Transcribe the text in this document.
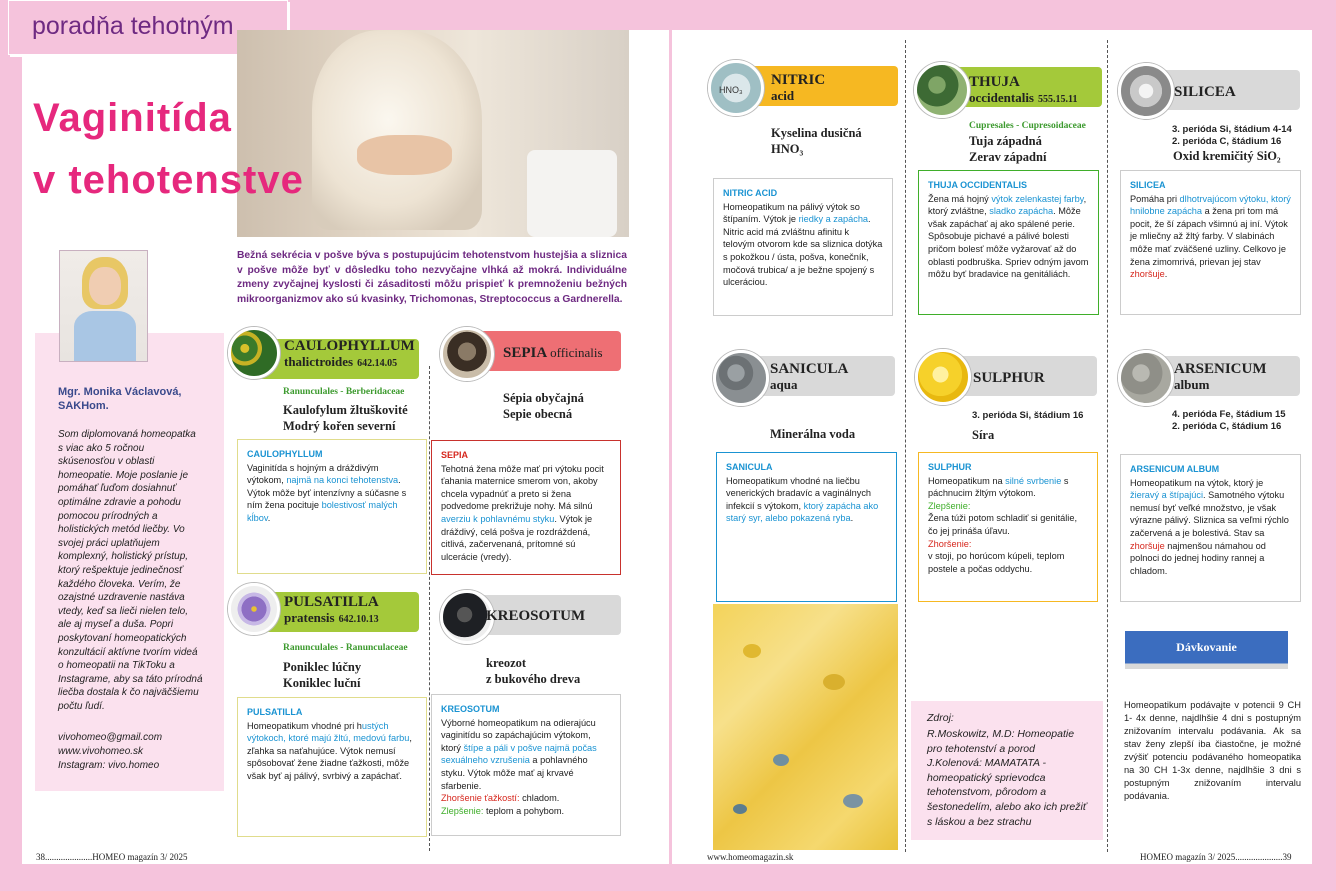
poradňa tehotným
Vaginitída
v tehotenstve
Mgr. Monika Václavová, SAKHom.
Som diplomovaná homeopatka s viac ako 5 ročnou skúsenosťou v oblasti homeopatie. Moje poslanie je pomáhať ľuďom dosiahnuť optimálne zdravie a pohodu pomocou prírodných a holistických metód liečby. Vo svojej práci uplatňujem komplexný, holistický prístup, ktorý rešpektuje jedinečnosť každého človeka. Verím, že ozajstné uzdravenie nastáva vtedy, keď sa lieči nielen telo, ale aj myseľ a duša. Popri poskytovaní homeopatických konzultácií aktívne tvorím videá o homeopatii na TikToku a Instagrame, aby sa táto prírodná liečba dostala k čo najväčšiemu počtu ľudí.
vivohomeo@gmail.com
www.vivohomeo.sk
Instagram: vivo.homeo
Bežná sekrécia v pošve býva s postupujúcim tehotenstvom hustejšia a sliznica v pošve môže byť v dôsledku toho nezvyčajne vlhká až mokrá. Individuálne zmeny zvyčajnej kyslosti či zásaditosti môžu prispieť k premnoženiu bežných mikroorganizmov ako sú kvasinky, Trichomonas, Streptococcus a Gardnerella.
CAULOPHYLLUM
thalictroides 642.14.05
Ranunculales - Berberidaceae
Kaulofylum žltuškovité
Modrý kořen severní
CAULOPHYLLUM
Vaginitída s hojným a dráždivým výtokom, najmä na konci tehotenstva. Výtok môže byť intenzívny a súčasne s ním žena pocituje bolestivosť malých kĺbov.
SEPIA officinalis
Sépia obyčajná
Sepie obecná
SEPIA
Tehotná žena môže mať pri výtoku pocit ťahania maternice smerom von, akoby chcela vypadnúť a preto si žena podvedome prekrižuje nohy. Má silnú averziu k pohlavnému styku. Výtok je dráždivý, celá pošva je rozdráždená, citlivá, začervenaná, prítomné sú ulcerácie (vredy).
PULSATILLA
pratensis 642.10.13
Ranunculales - Ranunculaceae
Poniklec lúčny
Koniklec luční
PULSATILLA
Homeopatikum vhodné pri hustých výtokoch, ktoré majú žltú, medovú farbu, zľahka sa naťahujúce. Výtok nemusí spôsobovať žene žiadne ťažkosti, môže však byť aj pálivý, svrbivý a zapáchať.
KREOSOTUM
kreozot
z bukového dreva
KREOSOTUM
Výborné homeopatikum na odierajúcu vaginitídu so zapáchajúcim výtokom, ktorý štípe a páli v pošve najmä počas sexuálneho vzrušenia a pohlavného styku. Výtok môže mať aj krvavé sfarbenie.
Zhoršenie ťažkostí: chladom.
Zlepšenie: teplom a pohybom.
HNO₃
NITRIC
acid
Kyselina dusičná
HNO₃
NITRIC ACID
Homeopatikum na pálivý výtok so štípaním. Výtok je riedky a zapácha. Nitric acid má zvláštnu afinitu k telovým otvorom kde sa sliznica dotýka s pokožkou / ústa, pošva, konečník, močová trubica/ a je bežne spojený s ulceráciou.
SANICULA
aqua
Minerálna voda
SANICULA
Homeopatikum vhodné na liečbu venerických bradavíc a vaginálnych infekcií s výtokom, ktorý zapácha ako starý syr, alebo pokazená ryba.
THUJA
occidentalis 555.15.11
Cupresales - Cupresoidaceae
Tuja západná
Zerav západní
THUJA OCCIDENTALIS
Žena má hojný výtok zelenkastej farby, ktorý zvláštne, sladko zapácha. Môže však zapáchať aj ako spálené perie. Spôsobuje pichavé a pálivé bolesti pričom bolesť môže vyžarovať až do oblasti podbruška. Spriev odným javom môžu byť bradavice na genitáliách.
SULPHUR
3. perióda Si, štádium 16
Síra
SULPHUR
Homeopatikum na silné svrbenie s páchnucim žltým výtokom.
Zlepšenie:
Žena túži potom schladiť si genitálie, čo jej prináša úľavu.
Zhoršenie:
v stoji, po horúcom kúpeli, teplom postele a počas oddychu.
Zdroj:
R.Moskowitz, M.D: Homeopatie pro tehotenství a porod J.Kolenová: MAMATATA - homeopatický sprievodca tehotenstvom, pôrodom a šestonedelím, alebo ako ich prežiť s láskou a bez strachu
SILICEA
3. perióda Si, štádium 4-14
2. perióda C, štádium 16
Oxid kremičitý SiO₂
SILICEA
Pomáha pri dlhotrvajúcom výtoku, ktorý hnilobne zapácha a žena pri tom má pocit, že ší zápach všimnú aj iní. Výtok je mliečny až žltý farby. V slabinách môže mať zväčšené uzliny. Celkovo je žena zimomrivá, prievan jej stav zhoršuje.
ARSENICUM
album
4. perióda Fe, štádium 15
2. perióda C, štádium 16
ARSENICUM ALBUM
Homeopatikum na výtok, ktorý je žieravý a štípajúci. Samotného výtoku nemusí byť veľké množstvo, je však výrazne pálivý. Sliznica sa veľmi rýchlo začervená a je bolestivá. Stav sa zhoršuje najmenšou námahou od polnoci do jednej hodiny rannej a chladom.
Dávkovanie
Homeopatikum podávajte v potencii 9 CH 1- 4x denne, najdlhšie 4 dni s postupným znižovaním intervalu podávania. Ak sa stav ženy zlepší iba čiastočne, je možné zvýšiť potenciu podávaného homeopatika na 30 CH 1-3x denne, najdlhšie 3 dni s postupným znižovaním intervalu podávania.
38.....................HOMEO magazín 3/ 2025	www.homeomagazin.sk	HOMEO magazín 3/ 2025.....................39
